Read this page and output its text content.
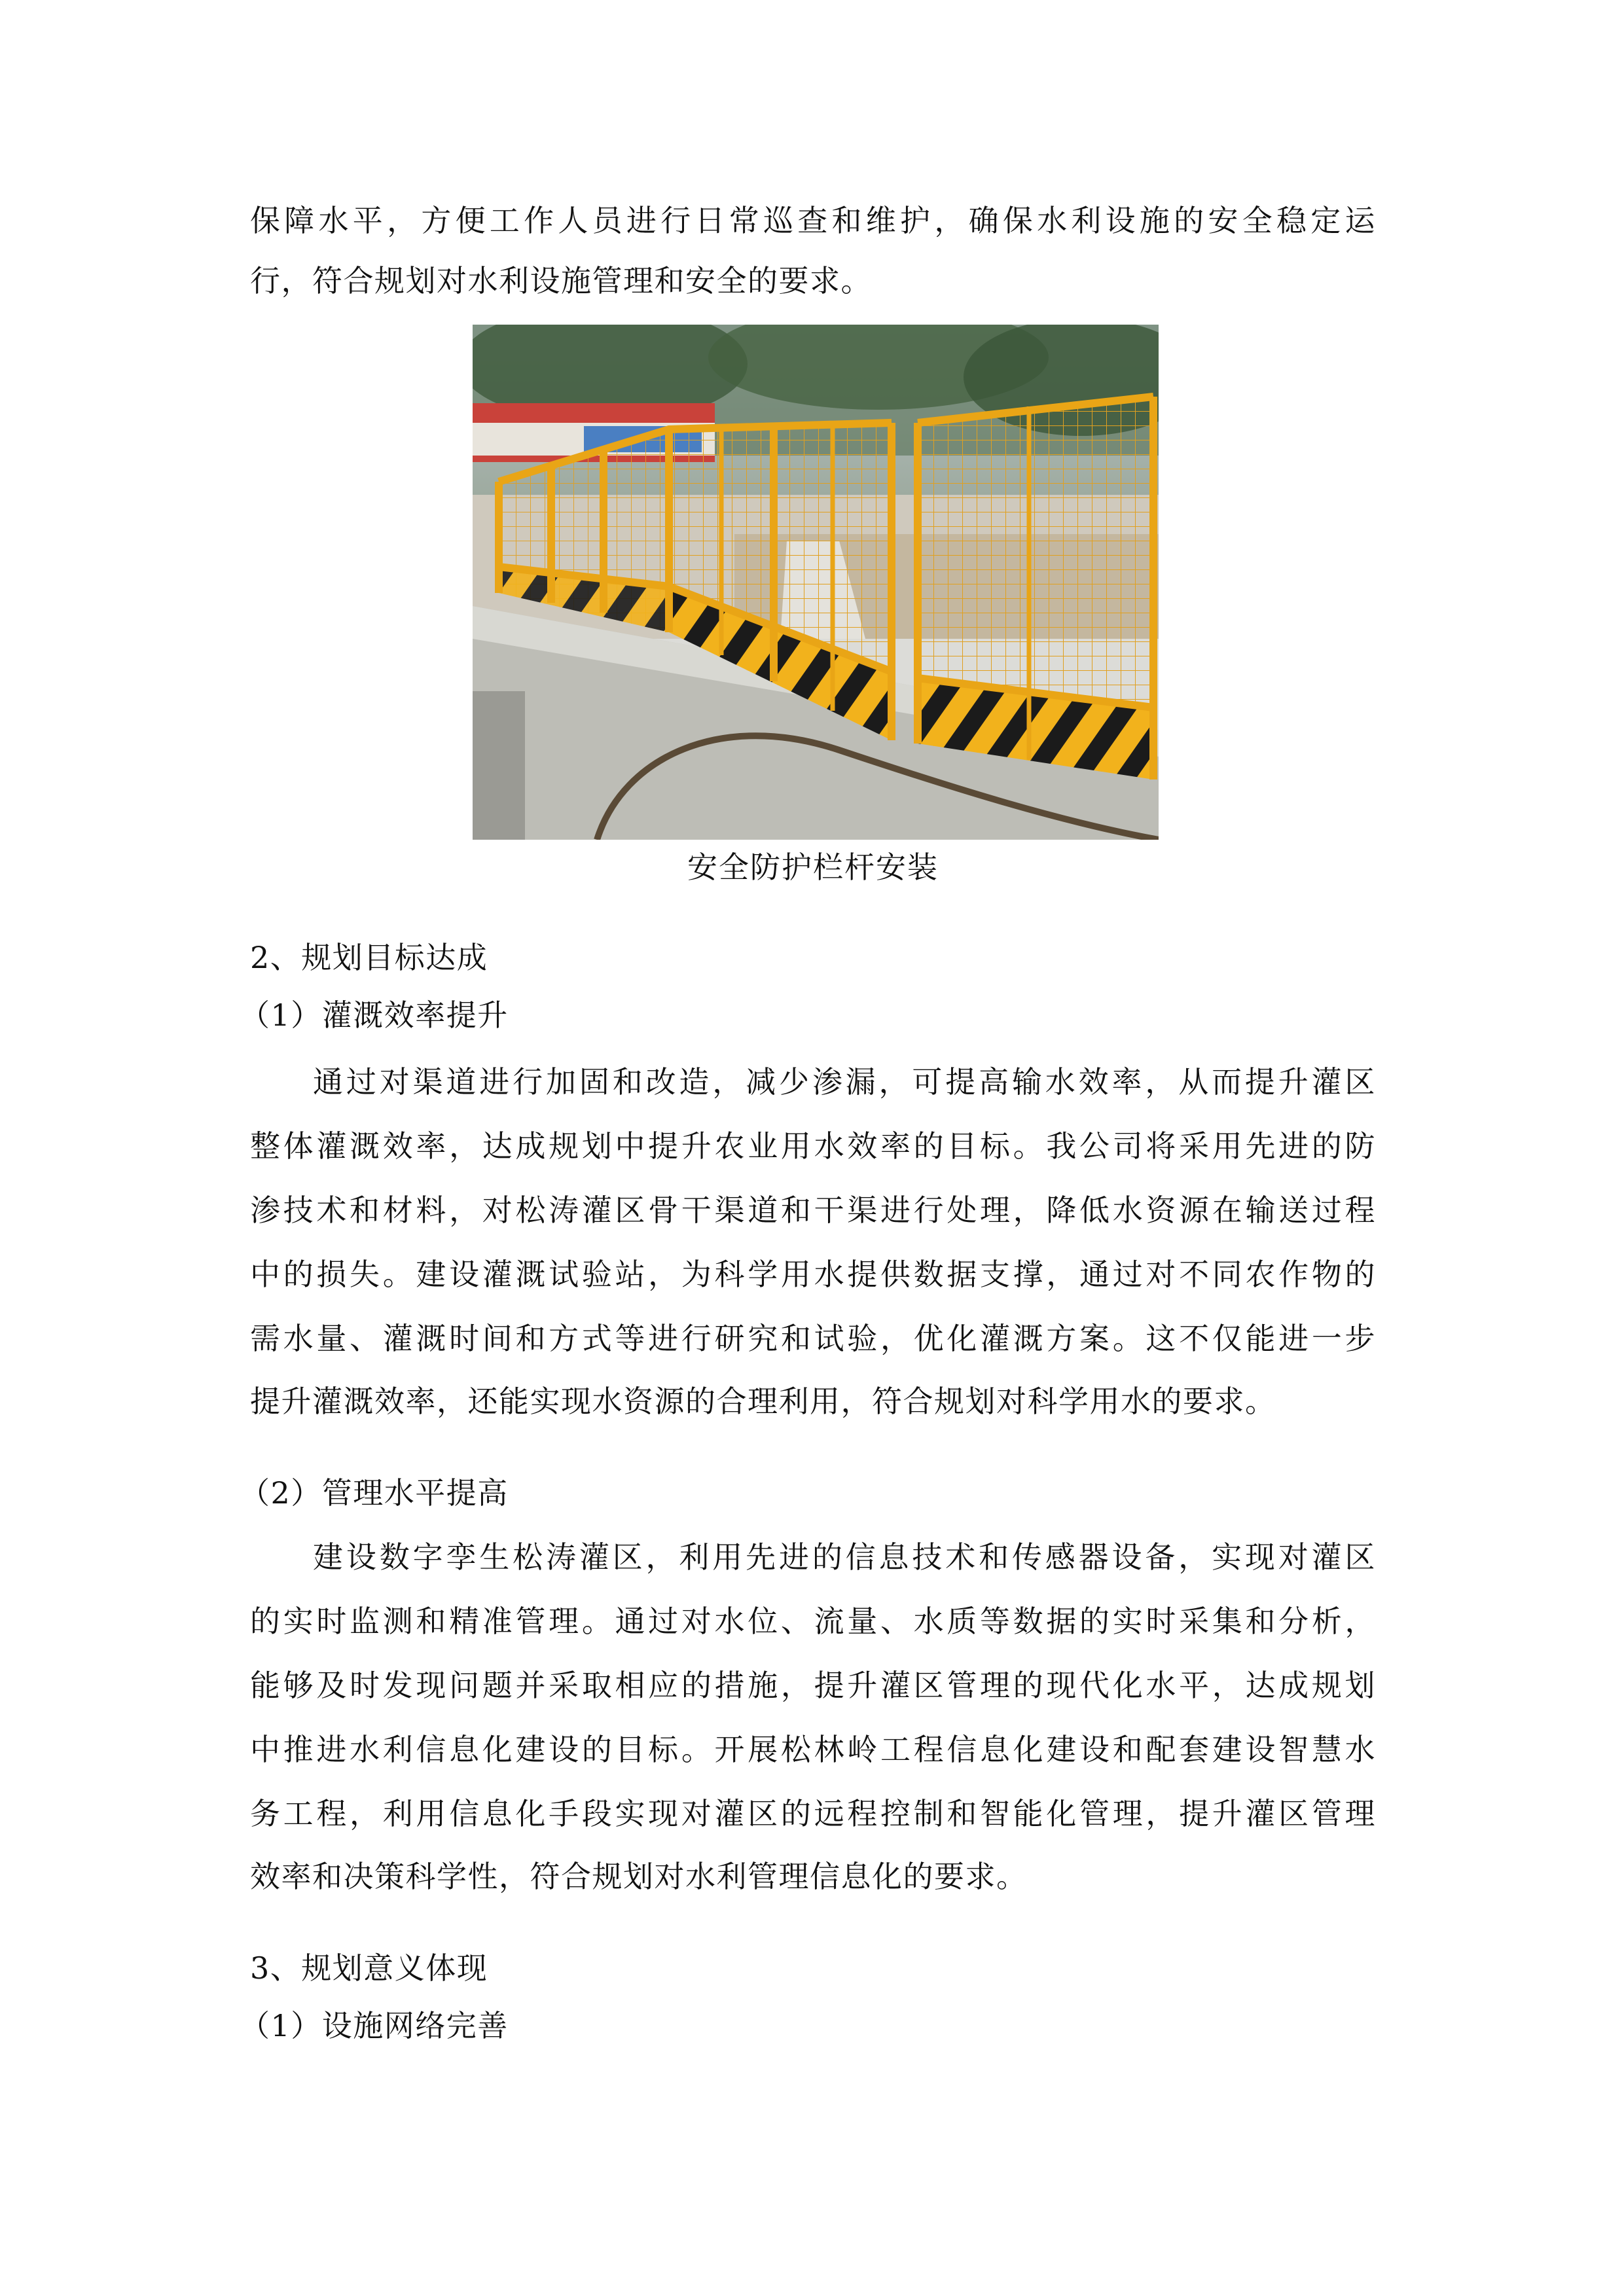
保障水平，方便工作人员进行日常巡查和维护，确保水利设施的安全稳定运
行，符合规划对水利设施管理和安全的要求。
安全防护栏杆安装
2、规划目标达成
（1）灌溉效率提升
通过对渠道进行加固和改造，减少渗漏，可提高输水效率，从而提升灌区
整体灌溉效率，达成规划中提升农业用水效率的目标。我公司将采用先进的防
渗技术和材料，对松涛灌区骨干渠道和干渠进行处理，降低水资源在输送过程
中的损失。建设灌溉试验站，为科学用水提供数据支撑，通过对不同农作物的
需水量、灌溉时间和方式等进行研究和试验，优化灌溉方案。这不仅能进一步
提升灌溉效率，还能实现水资源的合理利用，符合规划对科学用水的要求。
（2）管理水平提高
建设数字孪生松涛灌区，利用先进的信息技术和传感器设备，实现对灌区
的实时监测和精准管理。通过对水位、流量、水质等数据的实时采集和分析，
能够及时发现问题并采取相应的措施，提升灌区管理的现代化水平，达成规划
中推进水利信息化建设的目标。开展松林岭工程信息化建设和配套建设智慧水
务工程，利用信息化手段实现对灌区的远程控制和智能化管理，提升灌区管理
效率和决策科学性，符合规划对水利管理信息化的要求。
3、规划意义体现
（1）设施网络完善
